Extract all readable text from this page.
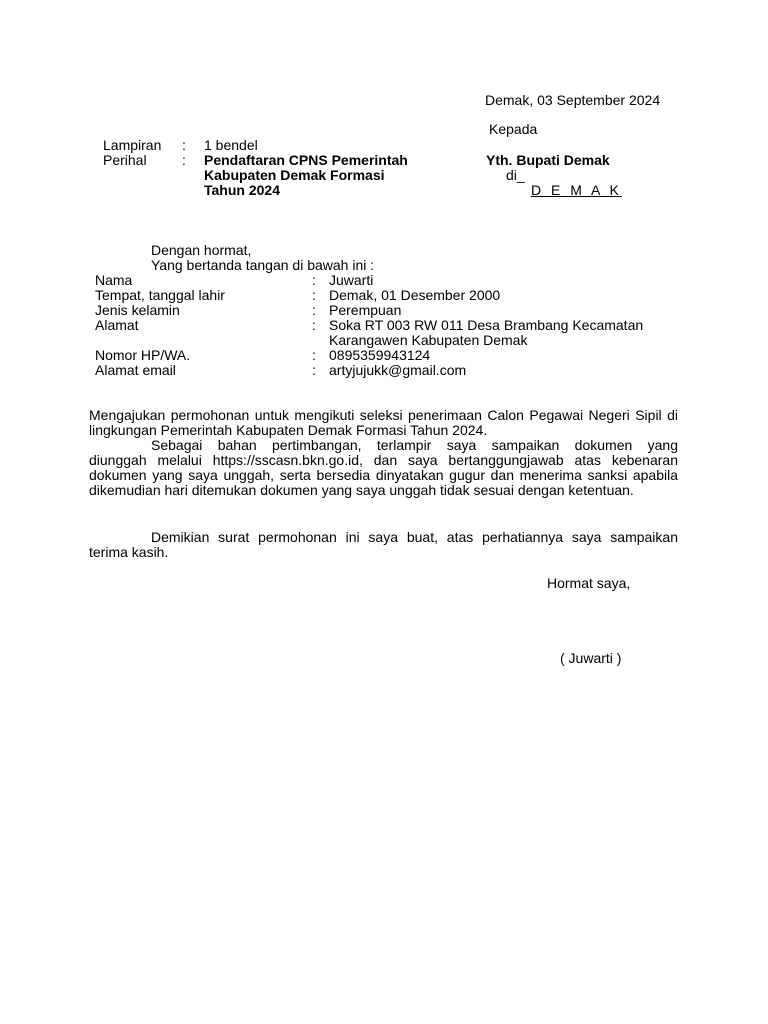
Demak, 03 September 2024
Kepada
Yth. Bupati Demak
di_
D E M A K
Lampiran : 1 bendel
Perihal	: Pendaftaran CPNS Pemerintah
Kabupaten Demak Formasi
Tahun 2024
Dengan hormat,
Yang bertanda tangan di bawah ini :
Nama	: Juwarti
Tempat, tanggal lahir	: Demak, 01 Desember 2000
Jenis kelamin	: Perempuan
Alamat	: Soka RT 003 RW 011 Desa Brambang Kecamatan
Karangawen Kabupaten Demak
Nomor HP/WA.	: 0895359943124
Alamat email	: artyjujukk@gmail.com
Mengajukan permohonan untuk mengikuti seleksi penerimaan Calon Pegawai Negeri Sipil di lingkungan Pemerintah Kabupaten Demak Formasi Tahun 2024.
Sebagai bahan pertimbangan, terlampir saya sampaikan dokumen yang
diunggah melalui https://sscasn.bkn.go.id, dan saya bertanggungjawab atas kebenaran dokumen yang saya unggah, serta bersedia dinyatakan gugur dan menerima sanksi apabila dikemudian hari ditemukan dokumen yang saya unggah tidak sesuai dengan ketentuan.
Demikian surat permohonan ini saya buat, atas perhatiannya saya sampaikan
terima kasih.
Hormat saya,
( Juwarti )
